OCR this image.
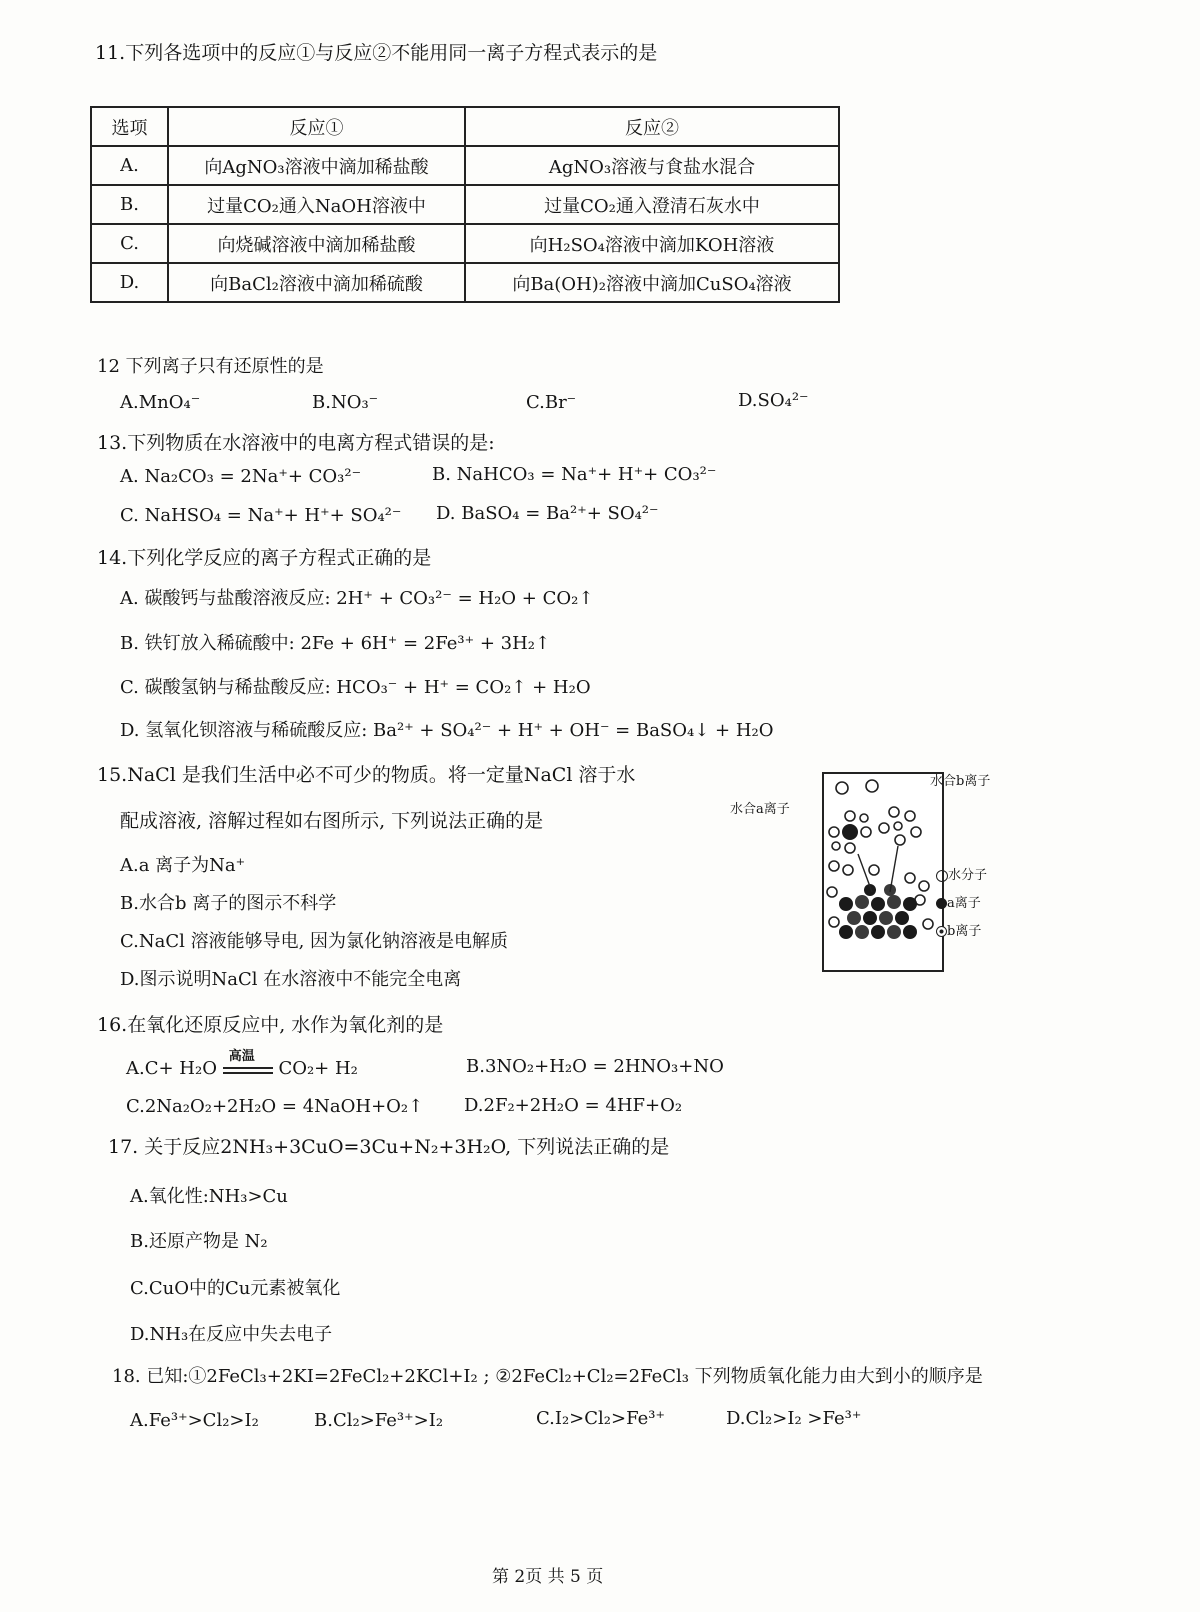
11.下列各选项中的反应①与反应②不能用同一离子方程式表示的是
选项	反应①	反应②
A.	向AgNO₃溶液中滴加稀盐酸	AgNO₃溶液与食盐水混合
B.	过量CO₂通入NaOH溶液中	过量CO₂通入澄清石灰水中
C.	向烧碱溶液中滴加稀盐酸	向H₂SO₄溶液中滴加KOH溶液
D.	向BaCl₂溶液中滴加稀硫酸	向Ba(OH)₂溶液中滴加CuSO₄溶液
12 下列离子只有还原性的是
A.MnO₄⁻	B.NO₃⁻	C.Br⁻	D.SO₄²⁻
13.下列物质在水溶液中的电离方程式错误的是:
A. Na₂CO₃ = 2Na⁺+ CO₃²⁻	B. NaHCO₃ = Na⁺+ H⁺+ CO₃²⁻
C. NaHSO₄ = Na⁺+ H⁺+ SO₄²⁻ D. BaSO₄ = Ba²⁺+ SO₄²⁻
14.下列化学反应的离子方程式正确的是
A. 碳酸钙与盐酸溶液反应: 2H⁺ + CO₃²⁻ = H₂O + CO₂↑
B. 铁钉放入稀硫酸中: 2Fe + 6H⁺ = 2Fe³⁺ + 3H₂↑
C. 碳酸氢钠与稀盐酸反应: HCO₃⁻ + H⁺ = CO₂↑ + H₂O
D. 氢氧化钡溶液与稀硫酸反应: Ba²⁺ + SO₄²⁻ + H⁺ + OH⁻ = BaSO₄↓ + H₂O
15.NaCl 是我们生活中必不可少的物质。将一定量NaCl 溶于水
配成溶液, 溶解过程如右图所示, 下列说法正确的是
A.a 离子为Na⁺
B.水合b 离子的图示不科学
C.NaCl 溶液能够导电, 因为氯化钠溶液是电解质
D.图示说明NaCl 在水溶液中不能完全电离
水合b离子
水合a离子
水分子
a离子
b离子
16.在氧化还原反应中, 水作为氧化剂的是
A.C+ H₂O
高温
CO₂+ H₂	B.3NO₂+H₂O = 2HNO₃+NO
C.2Na₂O₂+2H₂O = 4NaOH+O₂↑ D.2F₂+2H₂O = 4HF+O₂
17. 关于反应2NH₃+3CuO=3Cu+N₂+3H₂O, 下列说法正确的是
A.氧化性:NH₃>Cu
B.还原产物是 N₂
C.CuO中的Cu元素被氧化
D.NH₃在反应中失去电子
18. 已知:①2FeCl₃+2KI=2FeCl₂+2KCl+I₂ ; ②2FeCl₂+Cl₂=2FeCl₃ 下列物质氧化能力由大到小的顺序是
A.Fe³⁺>Cl₂>I₂	B.Cl₂>Fe³⁺>I₂	C.I₂>Cl₂>Fe³⁺	D.Cl₂>I₂ >Fe³⁺
第 2页 共 5 页
